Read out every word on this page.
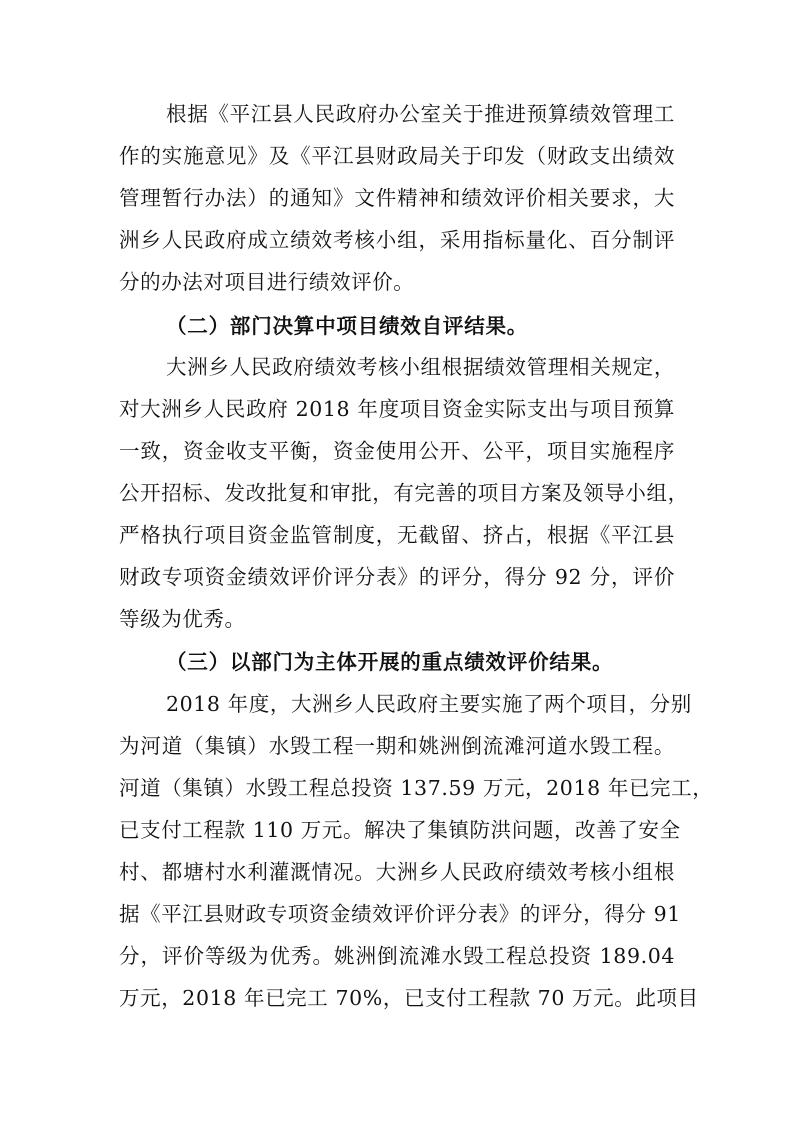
根据《平江县人民政府办公室关于推进预算绩效管理工
作的实施意见》及《平江县财政局关于印发（财政支出绩效
管理暂行办法）的通知》文件精神和绩效评价相关要求，大
洲乡人民政府成立绩效考核小组，采用指标量化、百分制评
分的办法对项目进行绩效评价。
（二）部门决算中项目绩效自评结果。
大洲乡人民政府绩效考核小组根据绩效管理相关规定，
对大洲乡人民政府 2018 年度项目资金实际支出与项目预算
一致，资金收支平衡，资金使用公开、公平，项目实施程序
公开招标、发改批复和审批，有完善的项目方案及领导小组，
严格执行项目资金监管制度，无截留、挤占，根据《平江县
财政专项资金绩效评价评分表》的评分，得分 92 分，评价
等级为优秀。
（三）以部门为主体开展的重点绩效评价结果。
2018 年度，大洲乡人民政府主要实施了两个项目，分别
为河道（集镇）水毁工程一期和姚洲倒流滩河道水毁工程。
河道（集镇）水毁工程总投资 137.59 万元，2018 年已完工，
已支付工程款 110 万元。解决了集镇防洪问题，改善了安全
村、都塘村水利灌溉情况。大洲乡人民政府绩效考核小组根
据《平江县财政专项资金绩效评价评分表》的评分，得分 91
分，评价等级为优秀。姚洲倒流滩水毁工程总投资 189.04
万元，2018 年已完工 70%，已支付工程款 70 万元。此项目
